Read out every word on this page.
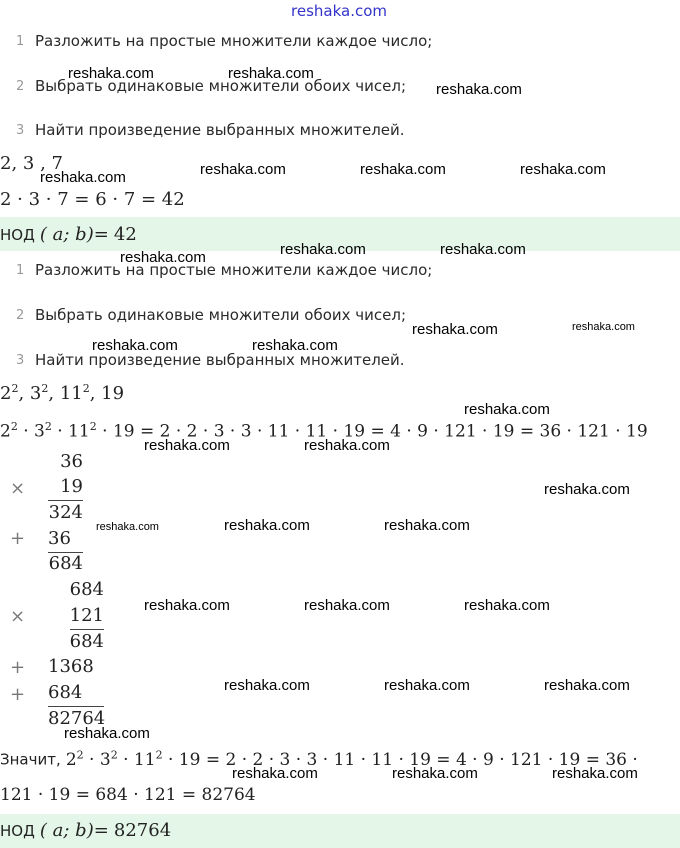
reshaka.com
1 Разложить на простые множители каждое число;
2 Выбрать одинаковые множители обоих чисел;
3 Найти произведение выбранных множителей.
2, 3 , 7
2 · 3 · 7 = 6 · 7 = 42
НОД ( a; b)= 42
1 Разложить на простые множители каждое число;
2 Выбрать одинаковые множители обоих чисел;
3 Найти произведение выбранных множителей.
$2^2$, $3^2$, $11^2$, 19
$2^2 \cdot 3^2 \cdot 11^2 \cdot 19 = 2 \cdot 2 \cdot 3 \cdot 3 \cdot 11 \cdot 11 \cdot 19 = 4 \cdot 9 \cdot 121 \cdot 19 = 36 \cdot 121 \cdot 19$
36
×	19
324
+ 36
684
684
×	121
684
+ 1368
+ 684
82764
Значит, $2^2 \cdot 3^2 \cdot 11^2 \cdot 19 = 2 \cdot 2 \cdot 3 \cdot 3 \cdot 11 \cdot 11 \cdot 19 = 4 \cdot 9 \cdot 121 \cdot 19 = 36$ ·
121 · 19 = 684 · 121 = 82764
НОД ( a; b)= 82764
reshaka.com	reshaka.com
reshaka.com
reshaka.com	reshaka.com	reshaka.com	reshaka.com
reshaka.com	reshaka.com	reshaka.com
reshaka.com	reshaka.com
reshaka.com	reshaka.com
reshaka.com
reshaka.com	reshaka.com
reshaka.com
reshaka.com	reshaka.com	reshaka.com
reshaka.com	reshaka.com	reshaka.com
reshaka.com	reshaka.com	reshaka.com
reshaka.com
reshaka.com	reshaka.com	reshaka.com
